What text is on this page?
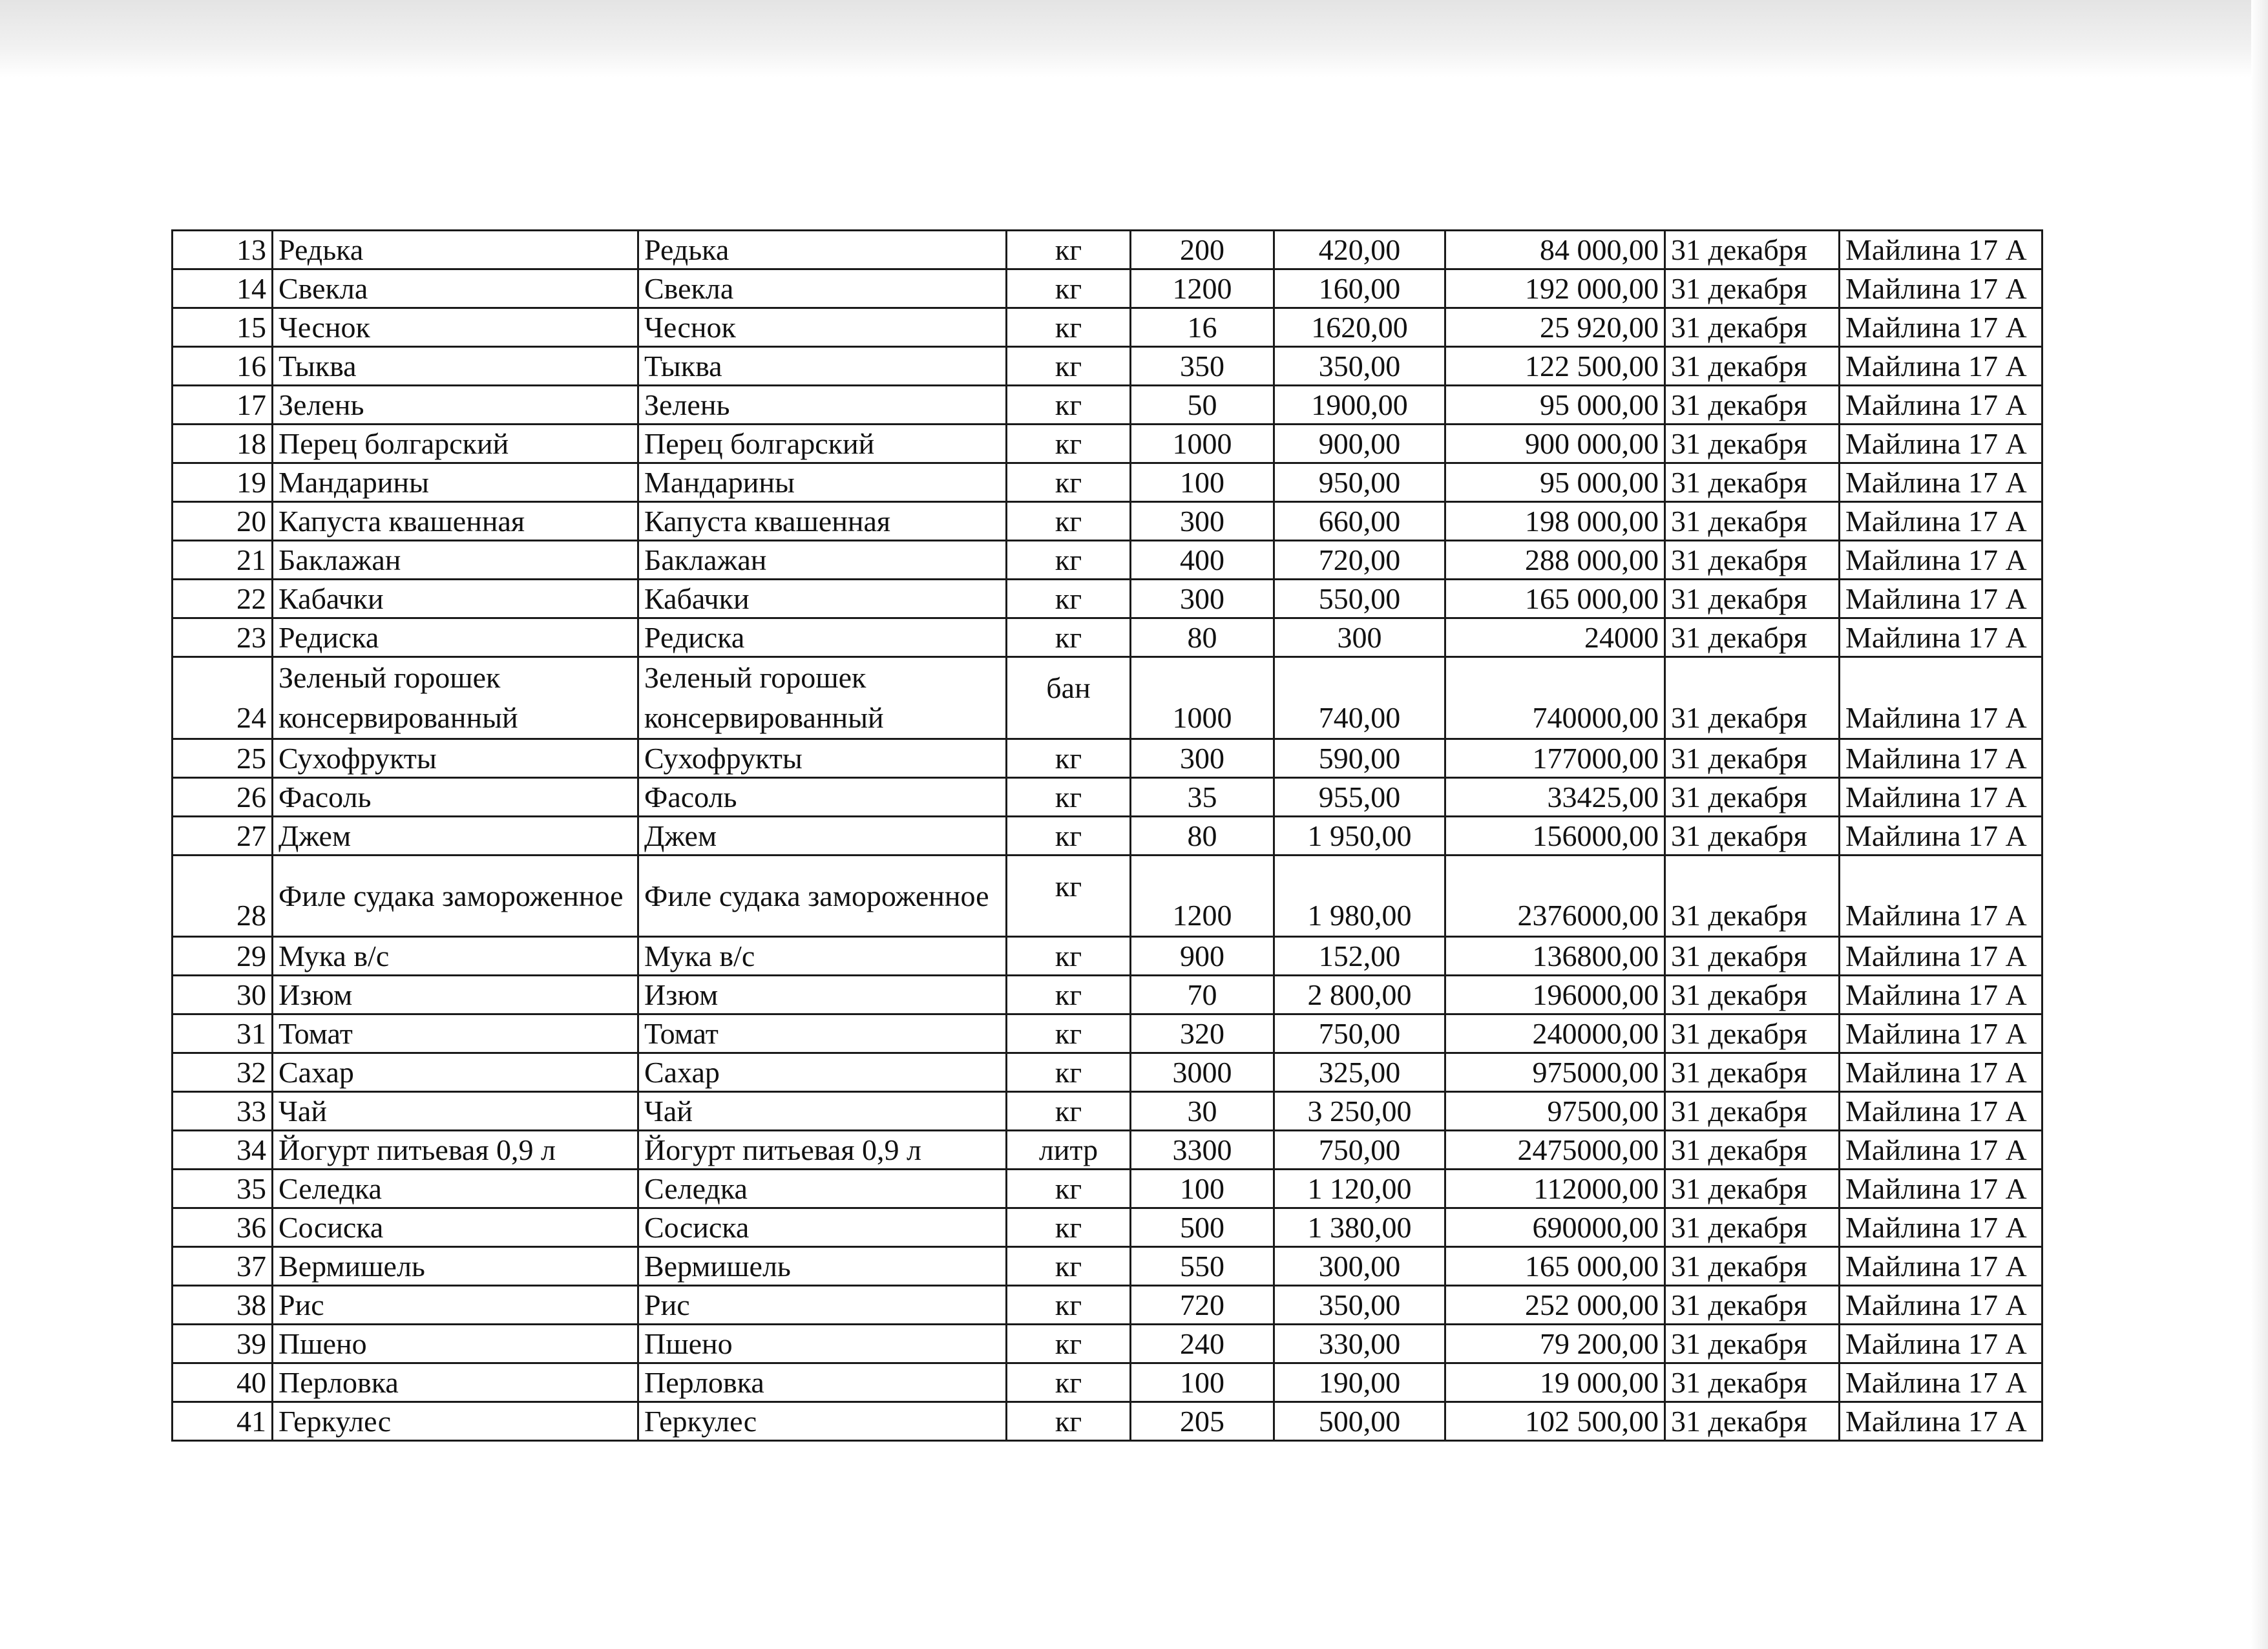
13	Редька	Редька	кг	200	420,00	84 000,00	31 декабря	Майлина 17 А
14	Свекла	Свекла	кг	1200	160,00	192 000,00	31 декабря	Майлина 17 А
15	Чеснок	Чеснок	кг	16	1620,00	25 920,00	31 декабря	Майлина 17 А
16	Тыква	Тыква	кг	350	350,00	122 500,00	31 декабря	Майлина 17 А
17	Зелень	Зелень	кг	50	1900,00	95 000,00	31 декабря	Майлина 17 А
18	Перец болгарский	Перец болгарский	кг	1000	900,00	900 000,00	31 декабря	Майлина 17 А
19	Мандарины	Мандарины	кг	100	950,00	95 000,00	31 декабря	Майлина 17 А
20	Капуста квашенная	Капуста квашенная	кг	300	660,00	198 000,00	31 декабря	Майлина 17 А
21	Баклажан	Баклажан	кг	400	720,00	288 000,00	31 декабря	Майлина 17 А
22	Кабачки	Кабачки	кг	300	550,00	165 000,00	31 декабря	Майлина 17 А
23	Редиска	Редиска	кг	80	300	24000	31 декабря	Майлина 17 А
24	Зеленый горошек консервированный	Зеленый горошек консервированный	бан	1000	740,00	740000,00	31 декабря	Майлина 17 А
25	Сухофрукты	Сухофрукты	кг	300	590,00	177000,00	31 декабря	Майлина 17 А
26	Фасоль	Фасоль	кг	35	955,00	33425,00	31 декабря	Майлина 17 А
27	Джем	Джем	кг	80	1 950,00	156000,00	31 декабря	Майлина 17 А
28	Филе судака замороженное	Филе судака замороженное	кг	1200	1 980,00	2376000,00	31 декабря	Майлина 17 А
29	Мука в/с	Мука в/с	кг	900	152,00	136800,00	31 декабря	Майлина 17 А
30	Изюм	Изюм	кг	70	2 800,00	196000,00	31 декабря	Майлина 17 А
31	Томат	Томат	кг	320	750,00	240000,00	31 декабря	Майлина 17 А
32	Сахар	Сахар	кг	3000	325,00	975000,00	31 декабря	Майлина 17 А
33	Чай	Чай	кг	30	3 250,00	97500,00	31 декабря	Майлина 17 А
34	Йогурт питьевая 0,9 л	Йогурт питьевая 0,9 л	литр	3300	750,00	2475000,00	31 декабря	Майлина 17 А
35	Селедка	Селедка	кг	100	1 120,00	112000,00	31 декабря	Майлина 17 А
36	Сосиска	Сосиска	кг	500	1 380,00	690000,00	31 декабря	Майлина 17 А
37	Вермишель	Вермишель	кг	550	300,00	165 000,00	31 декабря	Майлина 17 А
38	Рис	Рис	кг	720	350,00	252 000,00	31 декабря	Майлина 17 А
39	Пшено	Пшено	кг	240	330,00	79 200,00	31 декабря	Майлина 17 А
40	Перловка	Перловка	кг	100	190,00	19 000,00	31 декабря	Майлина 17 А
41	Геркулес	Геркулес	кг	205	500,00	102 500,00	31 декабря	Майлина 17 А
